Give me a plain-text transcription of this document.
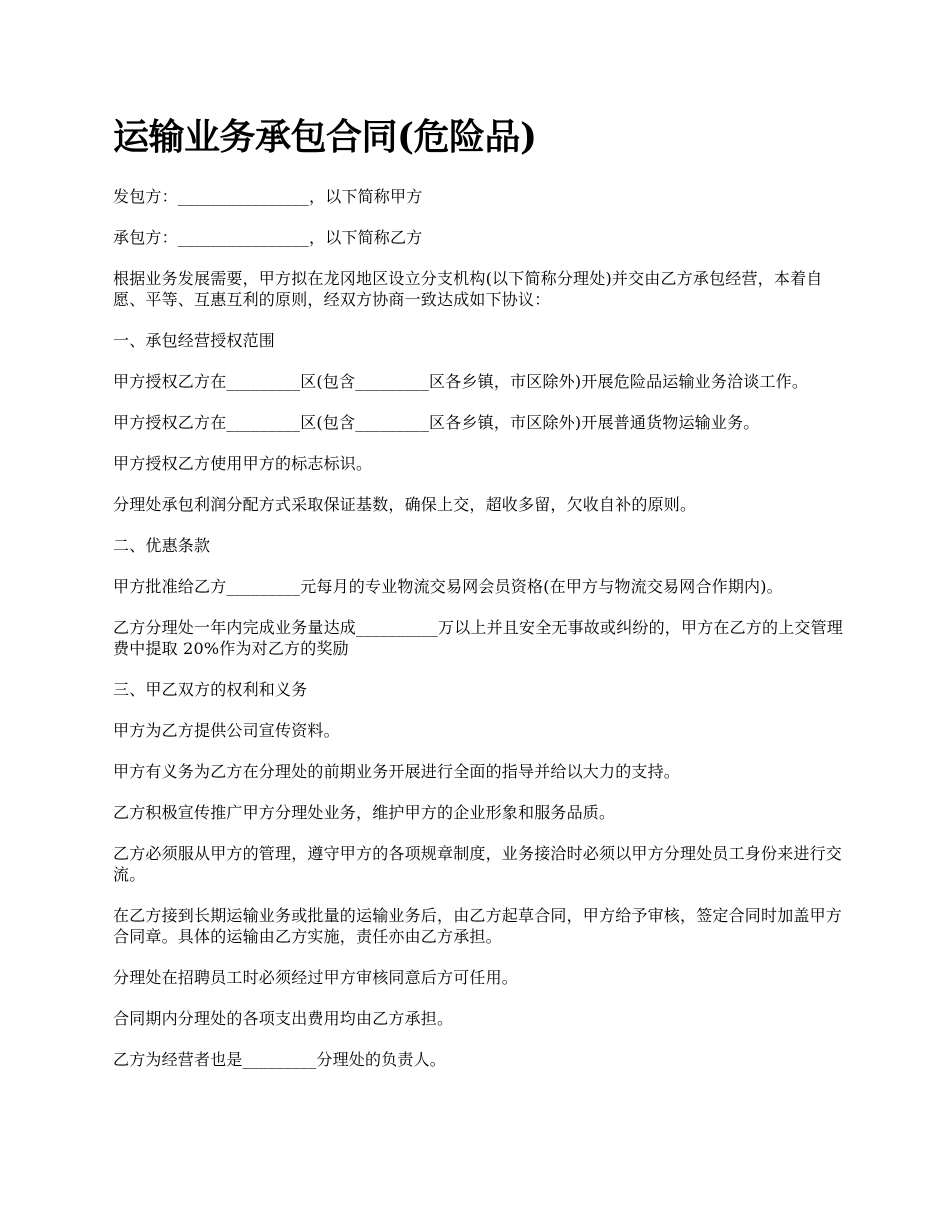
运输业务承包合同(危险品)

发包方：________________，以下简称甲方

承包方：________________，以下简称乙方

根据业务发展需要，甲方拟在龙冈地区设立分支机构(以下简称分理处)并交由乙方承包经营，本着自愿、平等、互惠互利的原则，经双方协商一致达成如下协议：

一、承包经营授权范围

甲方授权乙方在_________区(包含_________区各乡镇，市区除外)开展危险品运输业务洽谈工作。

甲方授权乙方在_________区(包含_________区各乡镇，市区除外)开展普通货物运输业务。

甲方授权乙方使用甲方的标志标识。

分理处承包利润分配方式采取保证基数，确保上交，超收多留，欠收自补的原则。

二、优惠条款

甲方批准给乙方_________元每月的专业物流交易网会员资格(在甲方与物流交易网合作期内)。

乙方分理处一年内完成业务量达成__________万以上并且安全无事故或纠纷的，甲方在乙方的上交管理费中提取 20%作为对乙方的奖励

三、甲乙双方的权利和义务

甲方为乙方提供公司宣传资料。

甲方有义务为乙方在分理处的前期业务开展进行全面的指导并给以大力的支持。

乙方积极宣传推广甲方分理处业务，维护甲方的企业形象和服务品质。

乙方必须服从甲方的管理，遵守甲方的各项规章制度，业务接洽时必须以甲方分理处员工身份来进行交流。

在乙方接到长期运输业务或批量的运输业务后，由乙方起草合同，甲方给予审核，签定合同时加盖甲方合同章。具体的运输由乙方实施，责任亦由乙方承担。

分理处在招聘员工时必须经过甲方审核同意后方可任用。

合同期内分理处的各项支出费用均由乙方承担。

乙方为经营者也是_________分理处的负责人。
